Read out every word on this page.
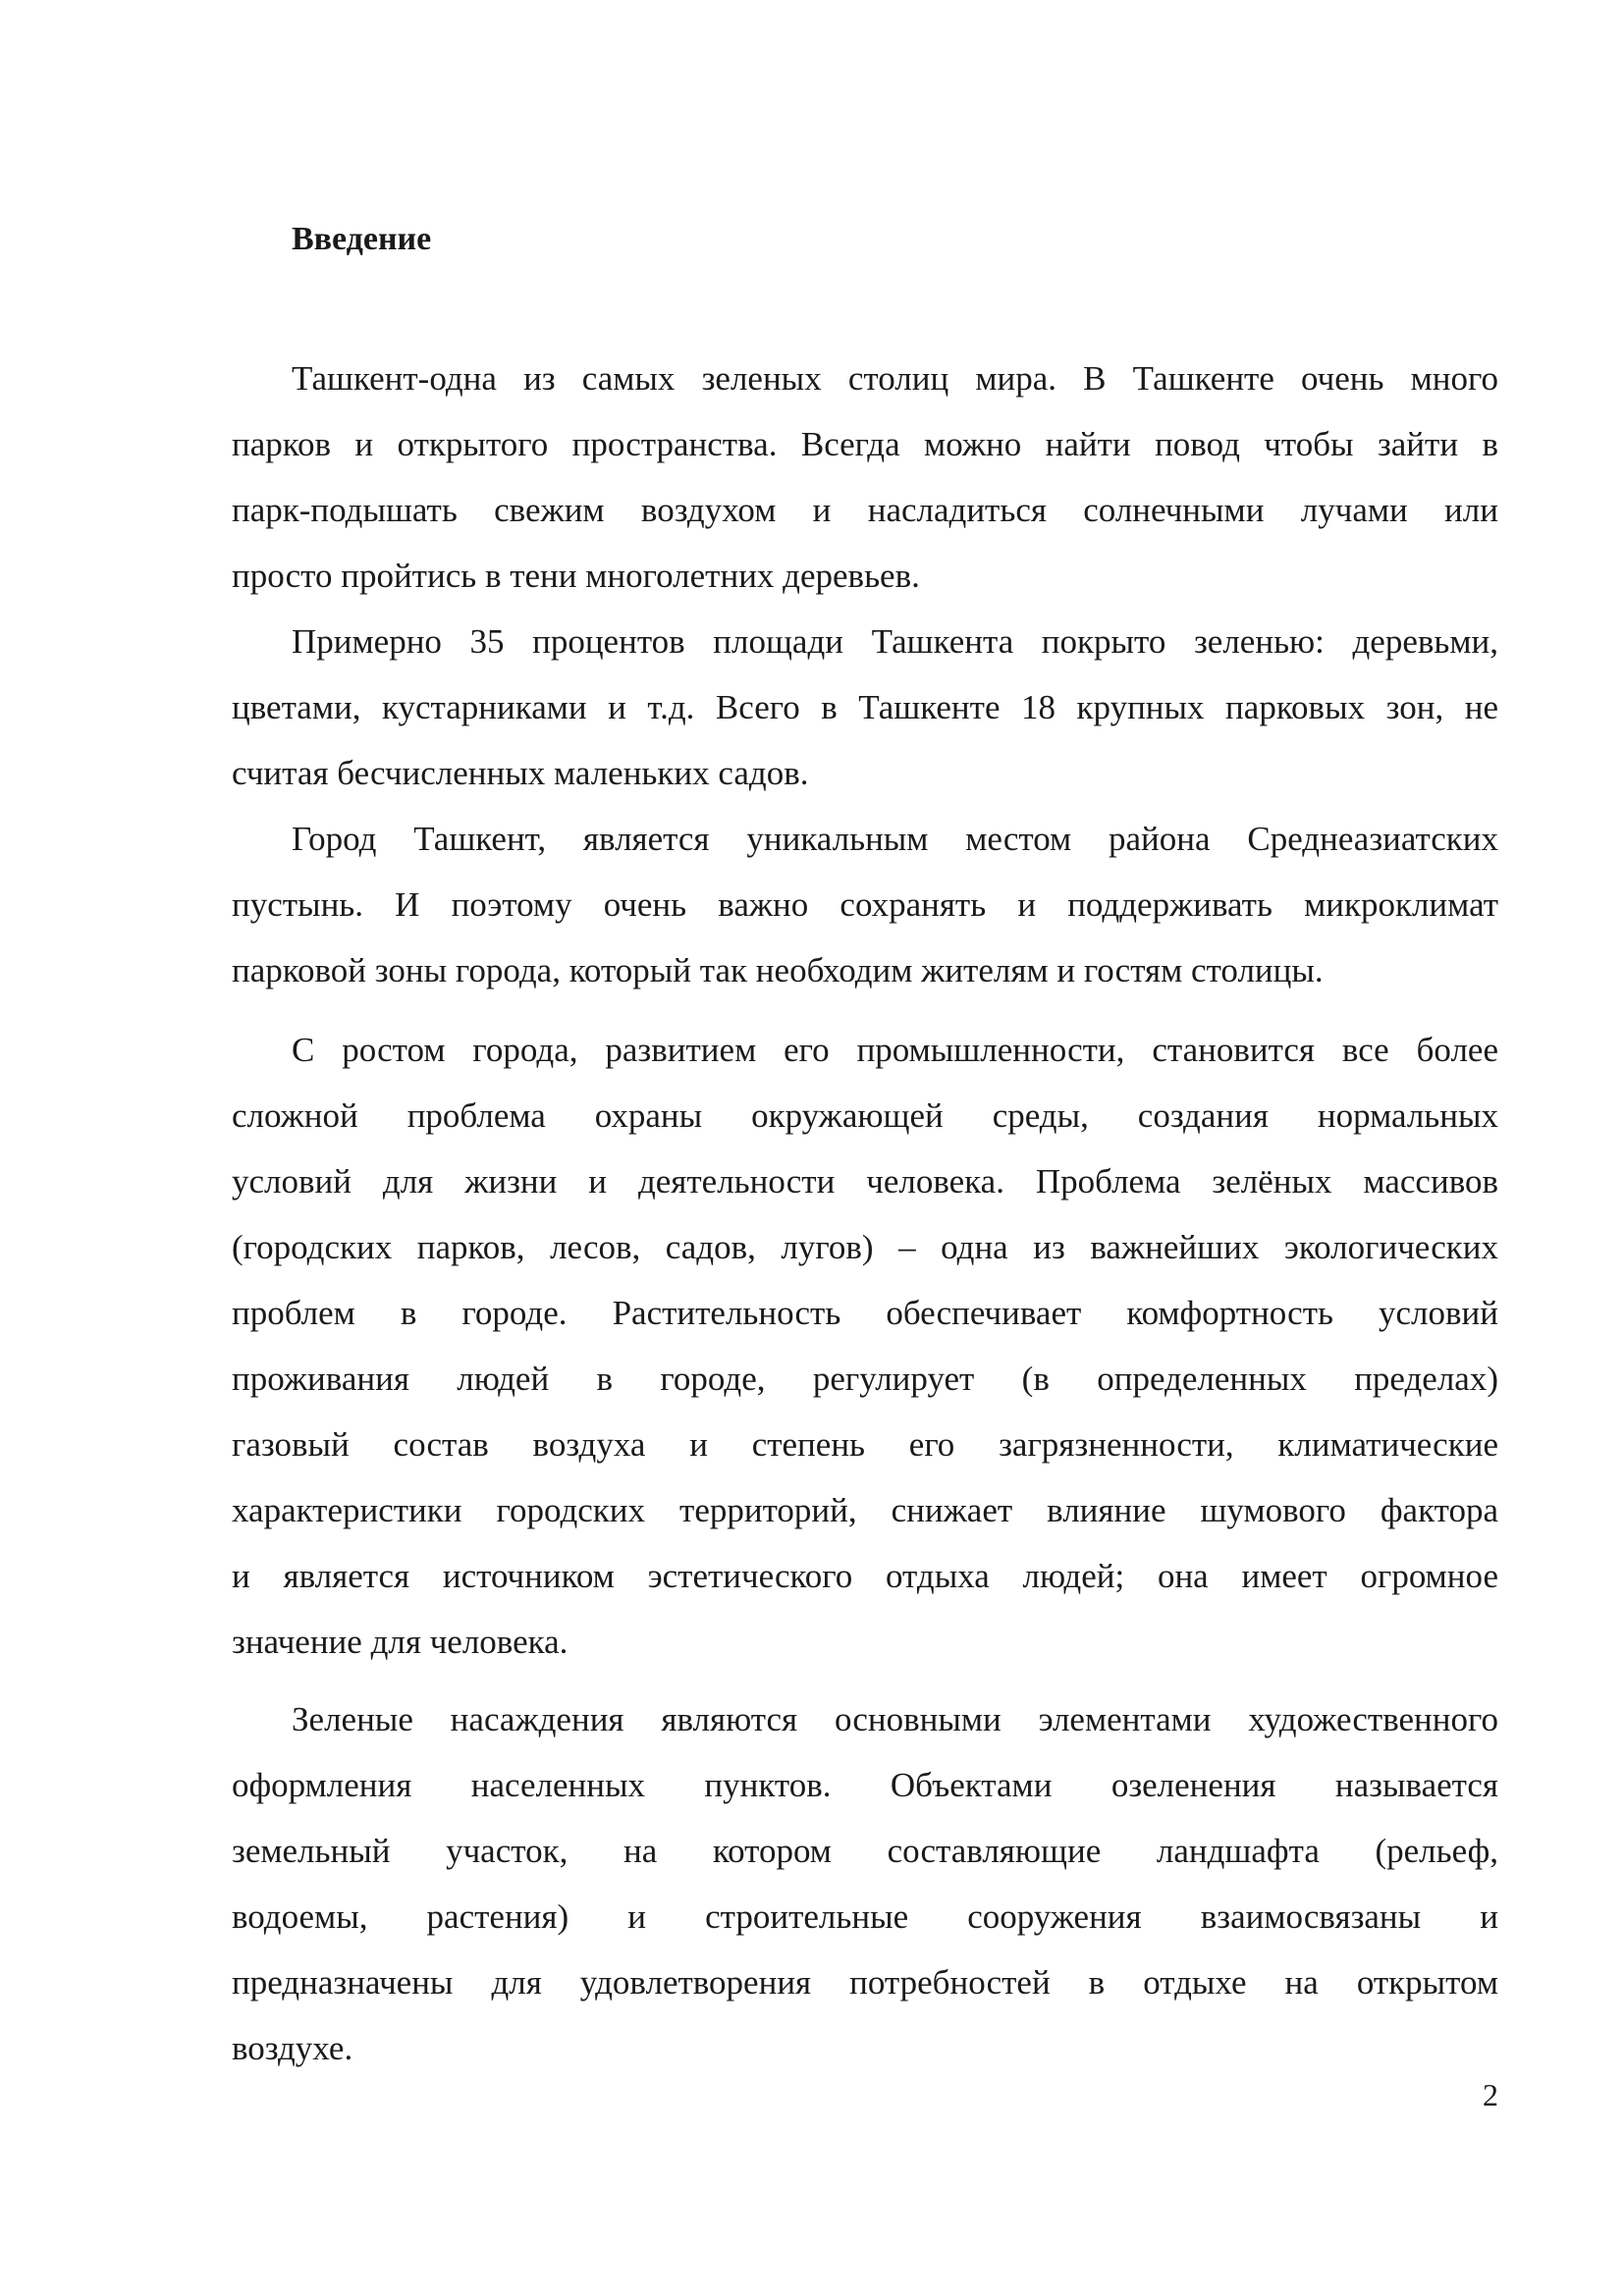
Введение
Ташкент-одна из самых зеленых столиц мира. В Ташкенте очень много
парков и открытого пространства. Всегда можно найти повод чтобы зайти в
парк-подышать свежим воздухом и насладиться солнечными лучами или
просто пройтись в тени многолетних деревьев.
Примерно 35 процентов площади Ташкента покрыто зеленью: деревьми,
цветами, кустарниками и т.д. Всего в Ташкенте 18 крупных парковых зон, не
считая бесчисленных маленьких садов.
Город Ташкент, является уникальным местом района Среднеазиатских
пустынь. И поэтому очень важно сохранять и поддерживать микроклимат
парковой зоны города, который так необходим жителям и гостям столицы.
С ростом города, развитием его промышленности, становится все более
сложной проблема охраны окружающей среды, создания нормальных
условий для жизни и деятельности человека. Проблема зелёных массивов
(городских парков, лесов, садов, лугов) – одна из важнейших экологических
проблем в городе. Растительность обеспечивает комфортность условий
проживания людей в городе, регулирует (в определенных пределах)
газовый состав воздуха и степень его загрязненности, климатические
характеристики городских территорий, снижает влияние шумового фактора
и является источником эстетического отдыха людей; она имеет огромное
значение для человека.
Зеленые насаждения являются основными элементами художественного
оформления населенных пунктов. Объектами озеленения называется
земельный участок, на котором составляющие ландшафта (рельеф,
водоемы, растения) и строительные сооружения взаимосвязаны и
предназначены для удовлетворения потребностей в отдыхе на открытом
воздухе.
2
